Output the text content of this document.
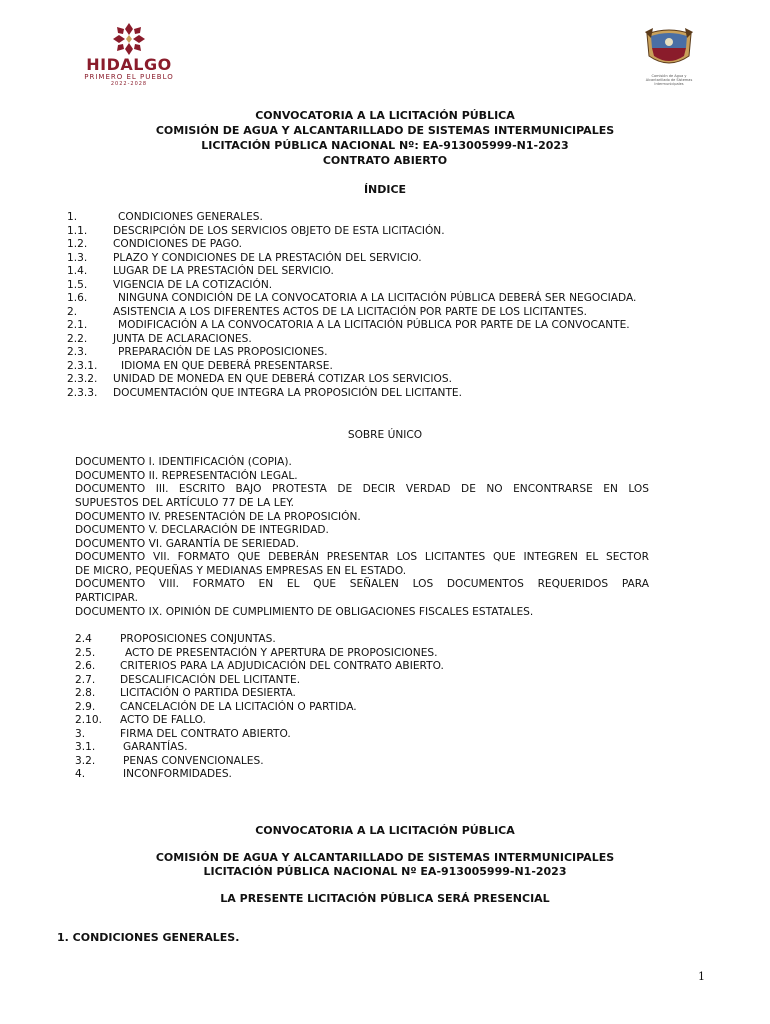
HIDALGO
PRIMERO EL PUEBLO
2022-2028
Comisión de Agua y Alcantarillado de Sistemas Intermunicipales
CONVOCATORIA A LA LICITACIÓN PÚBLICA
COMISIÓN DE AGUA Y ALCANTARILLADO DE SISTEMAS INTERMUNICIPALES
LICITACIÓN PÚBLICA NACIONAL Nº: EA-913005999-N1-2023
CONTRATO ABIERTO
ÍNDICE
1.	CONDICIONES GENERALES.
1.1. DESCRIPCIÓN DE LOS SERVICIOS OBJETO DE ESTA LICITACIÓN.
1.2. CONDICIONES DE PAGO.
1.3. PLAZO Y CONDICIONES DE LA PRESTACIÓN DEL SERVICIO.
1.4. LUGAR DE LA PRESTACIÓN DEL SERVICIO.
1.5. VIGENCIA DE LA COTIZACIÓN.
1.6.	NINGUNA CONDICIÓN DE LA CONVOCATORIA A LA LICITACIÓN PÚBLICA DEBERÁ SER NEGOCIADA.
2.	ASISTENCIA A LOS DIFERENTES ACTOS DE LA LICITACIÓN POR PARTE DE LOS LICITANTES.
2.1.	MODIFICACIÓN A LA CONVOCATORIA A LA LICITACIÓN PÚBLICA POR PARTE DE LA CONVOCANTE.
2.2. JUNTA DE ACLARACIONES.
2.3.	PREPARACIÓN DE LAS PROPOSICIONES.
2.3.1. IDIOMA EN QUE DEBERÁ PRESENTARSE.
2.3.2. UNIDAD DE MONEDA EN QUE DEBERÁ COTIZAR LOS SERVICIOS.
2.3.3. DOCUMENTACIÓN QUE INTEGRA LA PROPOSICIÓN DEL LICITANTE.
SOBRE ÚNICO
DOCUMENTO I. IDENTIFICACIÓN (COPIA).
DOCUMENTO II. REPRESENTACIÓN LEGAL.
DOCUMENTO III. ESCRITO BAJO PROTESTA DE DECIR VERDAD DE NO ENCONTRARSE EN LOS
SUPUESTOS DEL ARTÍCULO 77 DE LA LEY.
DOCUMENTO IV. PRESENTACIÓN DE LA PROPOSICIÓN.
DOCUMENTO V. DECLARACIÓN DE INTEGRIDAD.
DOCUMENTO VI. GARANTÍA DE SERIEDAD.
DOCUMENTO VII. FORMATO QUE DEBERÁN PRESENTAR LOS LICITANTES QUE INTEGREN EL SECTOR
DE MICRO, PEQUEÑAS Y MEDIANAS EMPRESAS EN EL ESTADO.
DOCUMENTO VIII. FORMATO EN EL QUE SEÑALEN LOS DOCUMENTOS REQUERIDOS PARA
PARTICIPAR.
DOCUMENTO IX. OPINIÓN DE CUMPLIMIENTO DE OBLIGACIONES FISCALES ESTATALES.
2.4	PROPOSICIONES CONJUNTAS.
2.5.	ACTO DE PRESENTACIÓN Y APERTURA DE PROPOSICIONES.
2.6. CRITERIOS PARA LA ADJUDICACIÓN DEL CONTRATO ABIERTO.
2.7. DESCALIFICACIÓN DEL LICITANTE.
2.8. LICITACIÓN O PARTIDA DESIERTA.
2.9. CANCELACIÓN DE LA LICITACIÓN O PARTIDA.
2.10. ACTO DE FALLO.
3.	FIRMA DEL CONTRATO ABIERTO.
3.1.	GARANTÍAS.
3.2.	PENAS CONVENCIONALES.
4.	INCONFORMIDADES.
CONVOCATORIA A LA LICITACIÓN PÚBLICA
COMISIÓN DE AGUA Y ALCANTARILLADO DE SISTEMAS INTERMUNICIPALES
LICITACIÓN PÚBLICA NACIONAL Nº EA-913005999-N1-2023
LA PRESENTE LICITACIÓN PÚBLICA SERÁ PRESENCIAL
1. CONDICIONES GENERALES.
1
